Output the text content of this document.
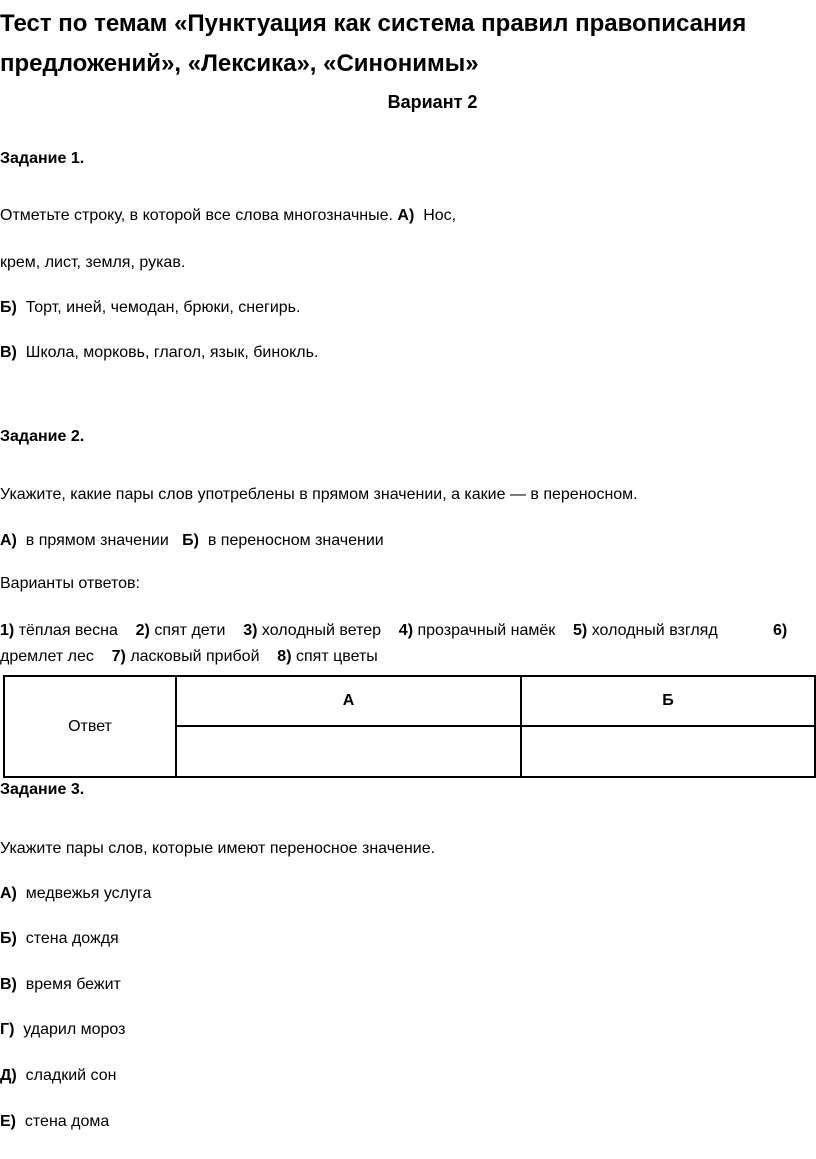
Тест по темам «Пунктуация как система правил правописания предложений», «Лексика», «Синонимы»
Вариант 2
Задание 1.
Отметьте строку, в которой все слова многозначные. А) Нос,
крем, лист, земля, рукав.
Б) Торт, иней, чемодан, брюки, снегирь.
В) Школа, морковь, глагол, язык, бинокль.
Задание 2.
Укажите, какие пары слов употреблены в прямом значении, а какие — в переносном.
А) в прямом значении Б) в переносном значении
Варианты ответов:
1) тёплая весна 2) спят дети 3) холодный ветер 4) прозрачный намёк 5) холодный взгляд	6)
дремлет лес 7) ласковый прибой 8) спят цветы
Ответ	А	Б

Задание 3.
Укажите пары слов, которые имеют переносное значение.
А) медвежья услуга
Б) стена дождя
В) время бежит
Г) ударил мороз
Д) сладкий сон
Е) стена дома
